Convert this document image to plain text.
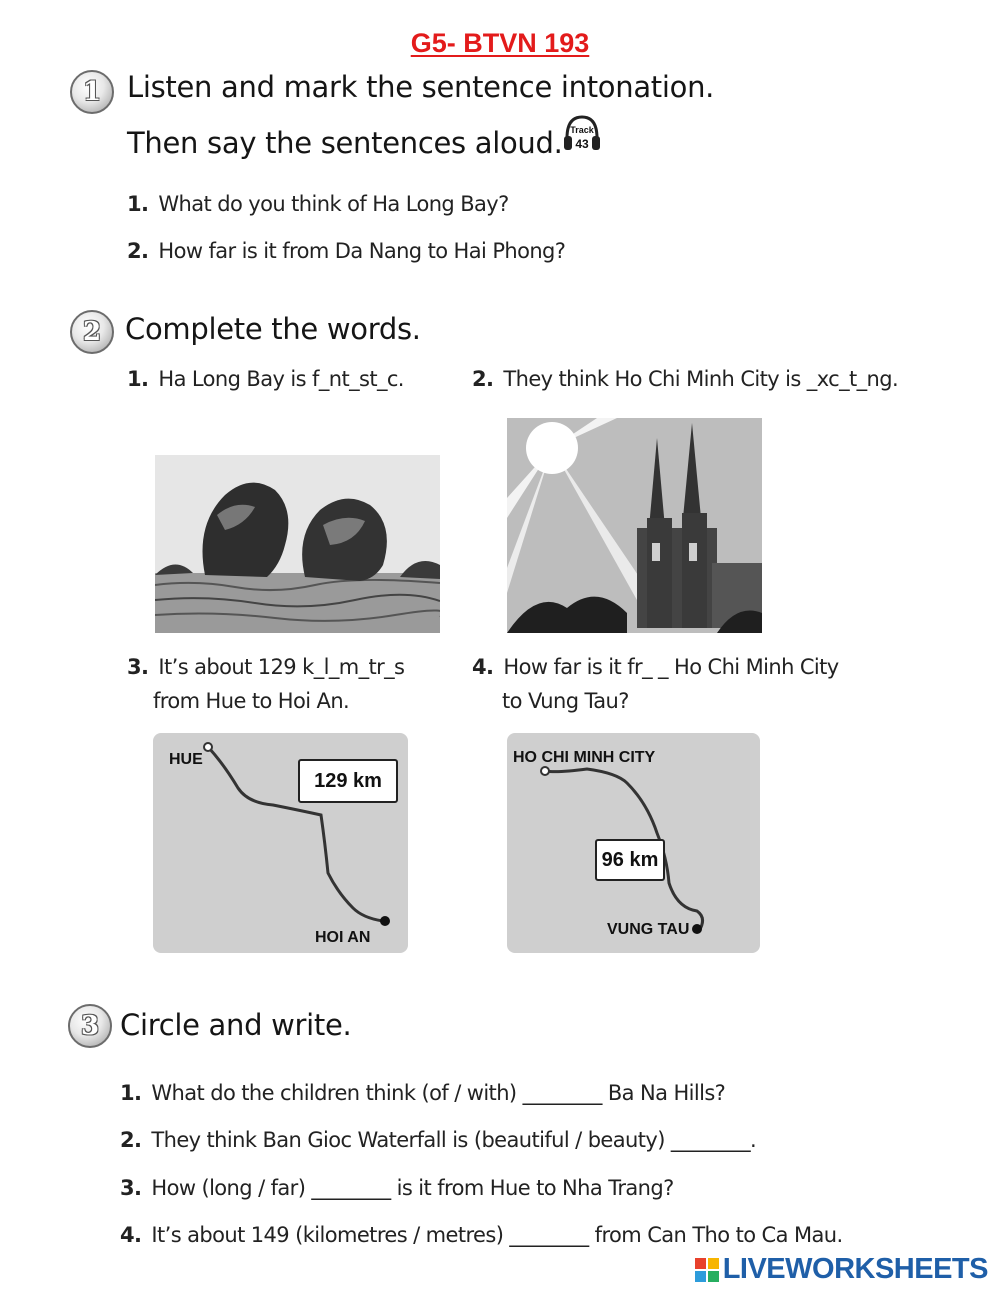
G5- BTVN 193
1 Listen and mark the sentence intonation.
Then say the sentences aloud. Track
43
1. What do you think of Ha Long Bay?
2. How far is it from Da Nang to Hai Phong?
2 Complete the words.
1. Ha Long Bay is f_nt_st_c.	2. They think Ho Chi Minh City is _xc_t_ng.
3. It’s about 129 k_l_m_tr_s
from Hue to Hoi An.
4. How far is it fr_ _ Ho Chi Minh City
to Vung Tau?
HUE
HOI AN
129 km
HO CHI MINH CITY
VUNG TAU
96 km
3 Circle and write.
1. What do the children think (of / with) ________ Ba Na Hills?
2. They think Ban Gioc Waterfall is (beautiful / beauty) ________.
3. How (long / far) ________ is it from Hue to Nha Trang?
4. It’s about 149 (kilometres / metres) ________ from Can Tho to Ca Mau.
LIVEWORKSHEETS
